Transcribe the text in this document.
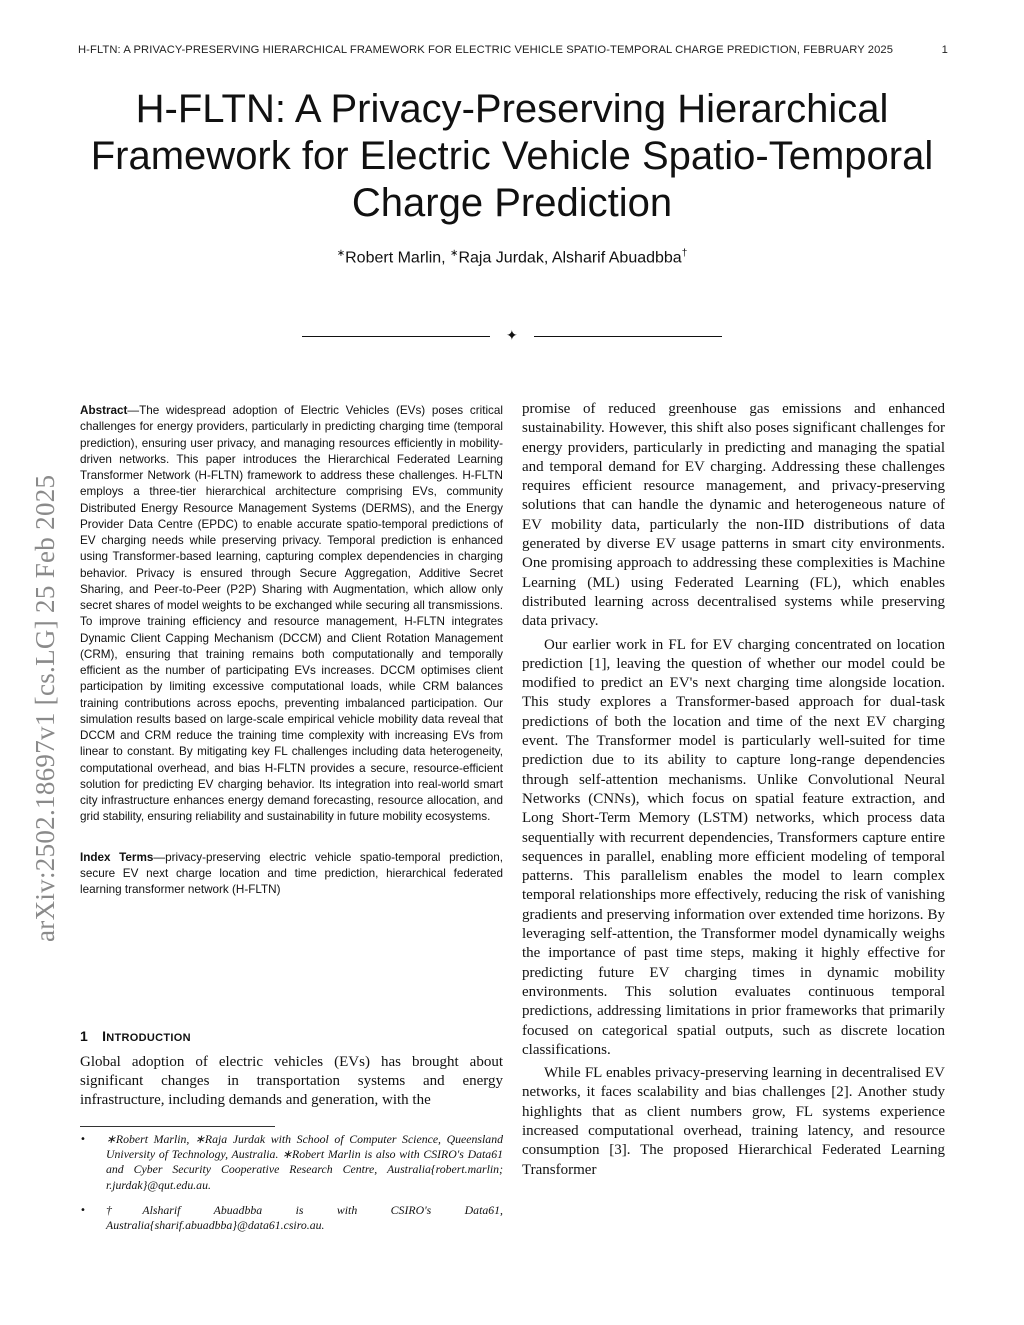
H-FLTN: A PRIVACY-PRESERVING HIERARCHICAL FRAMEWORK FOR ELECTRIC VEHICLE SPATIO-TEMPORAL CHARGE PREDICTION, FEBRUARY 2025	1
H-FLTN: A Privacy-Preserving Hierarchical
Framework for Electric Vehicle Spatio-Temporal
Charge Prediction
∗Robert Marlin, ∗Raja Jurdak, Alsharif Abuadbba†
✦
arXiv:2502.18697v1 [cs.LG] 25 Feb 2025

Abstract—The widespread adoption of Electric Vehicles (EVs) poses critical challenges for energy providers, particularly in predicting charging time (temporal prediction), ensuring user privacy, and managing resources efficiently in mobility-driven networks. This paper introduces the Hierarchical Federated Learning Transformer Network (H-FLTN) framework to address these challenges. H-FLTN employs a three-tier hierarchical architecture comprising EVs, community Distributed Energy Resource Management Systems (DERMS), and the Energy Provider Data Centre (EPDC) to enable accurate spatio-temporal predictions of EV charging needs while preserving privacy. Temporal prediction is enhanced using Transformer-based learning, capturing complex dependencies in charging behavior. Privacy is ensured through Secure Aggregation, Additive Secret Sharing, and Peer-to-Peer (P2P) Sharing with Augmentation, which allow only secret shares of model weights to be exchanged while securing all transmissions. To improve training efficiency and resource management, H-FLTN integrates Dynamic Client Capping Mechanism (DCCM) and Client Rotation Management (CRM), ensuring that training remains both computationally and temporally efficient as the number of participating EVs increases. DCCM optimises client participation by limiting excessive computational loads, while CRM balances training contributions across epochs, preventing imbalanced participation. Our simulation results based on large-scale empirical vehicle mobility data reveal that DCCM and CRM reduce the training time complexity with increasing EVs from linear to constant. By mitigating key FL challenges including data heterogeneity, computational overhead, and bias H-FLTN provides a secure, resource-efficient solution for predicting EV charging behavior. Its integration into real-world smart city infrastructure enhances energy demand forecasting, resource allocation, and grid stability, ensuring reliability and sustainability in future mobility ecosystems.

Index Terms—privacy-preserving electric vehicle spatio-temporal prediction, secure EV next charge location and time prediction, hierarchical federated learning transformer network (H-FLTN)

1 INTRODUCTION

Global adoption of electric vehicles (EVs) has brought about significant changes in transportation systems and energy infrastructure, including demands and generation, with the

• ∗Robert Marlin, ∗Raja Jurdak with School of Computer Science, Queensland University of Technology, Australia. ∗Robert Marlin is also with CSIRO's Data61 and Cyber Security Cooperative Research Centre, Australia{robert.marlin; r.jurdak}@qut.edu.au.

• †Alsharif Abuadbba is with CSIRO's Data61, Australia{sharif.abuadbba}@data61.csiro.au.

promise of reduced greenhouse gas emissions and enhanced sustainability. However, this shift also poses significant challenges for energy providers, particularly in predicting and managing the spatial and temporal demand for EV charging. Addressing these challenges requires efficient resource management, and privacy-preserving solutions that can handle the dynamic and heterogeneous nature of EV mobility data, particularly the non-IID distributions of data generated by diverse EV usage patterns in smart city environments. One promising approach to addressing these complexities is Machine Learning (ML) using Federated Learning (FL), which enables distributed learning across decentralised systems while preserving data privacy.

Our earlier work in FL for EV charging concentrated on location prediction [1], leaving the question of whether our model could be modified to predict an EV's next charging time alongside location. This study explores a Transformer-based approach for dual-task predictions of both the location and time of the next EV charging event. The Transformer model is particularly well-suited for time prediction due to its ability to capture long-range dependencies through self-attention mechanisms. Unlike Convolutional Neural Networks (CNNs), which focus on spatial feature extraction, and Long Short-Term Memory (LSTM) networks, which process data sequentially with recurrent dependencies, Transformers capture entire sequences in parallel, enabling more efficient modeling of temporal patterns. This parallelism enables the model to learn complex temporal relationships more effectively, reducing the risk of vanishing gradients and preserving information over extended time horizons. By leveraging self-attention, the Transformer model dynamically weighs the importance of past time steps, making it highly effective for predicting future EV charging times in dynamic mobility environments. This solution evaluates continuous temporal predictions, addressing limitations in prior frameworks that primarily focused on categorical spatial outputs, such as discrete location classifications.

While FL enables privacy-preserving learning in decentralised EV networks, it faces scalability and bias challenges [2]. Another study highlights that as client numbers grow, FL systems experience increased computational overhead, training latency, and resource consumption [3]. The proposed Hierarchical Federated Learning Transformer
